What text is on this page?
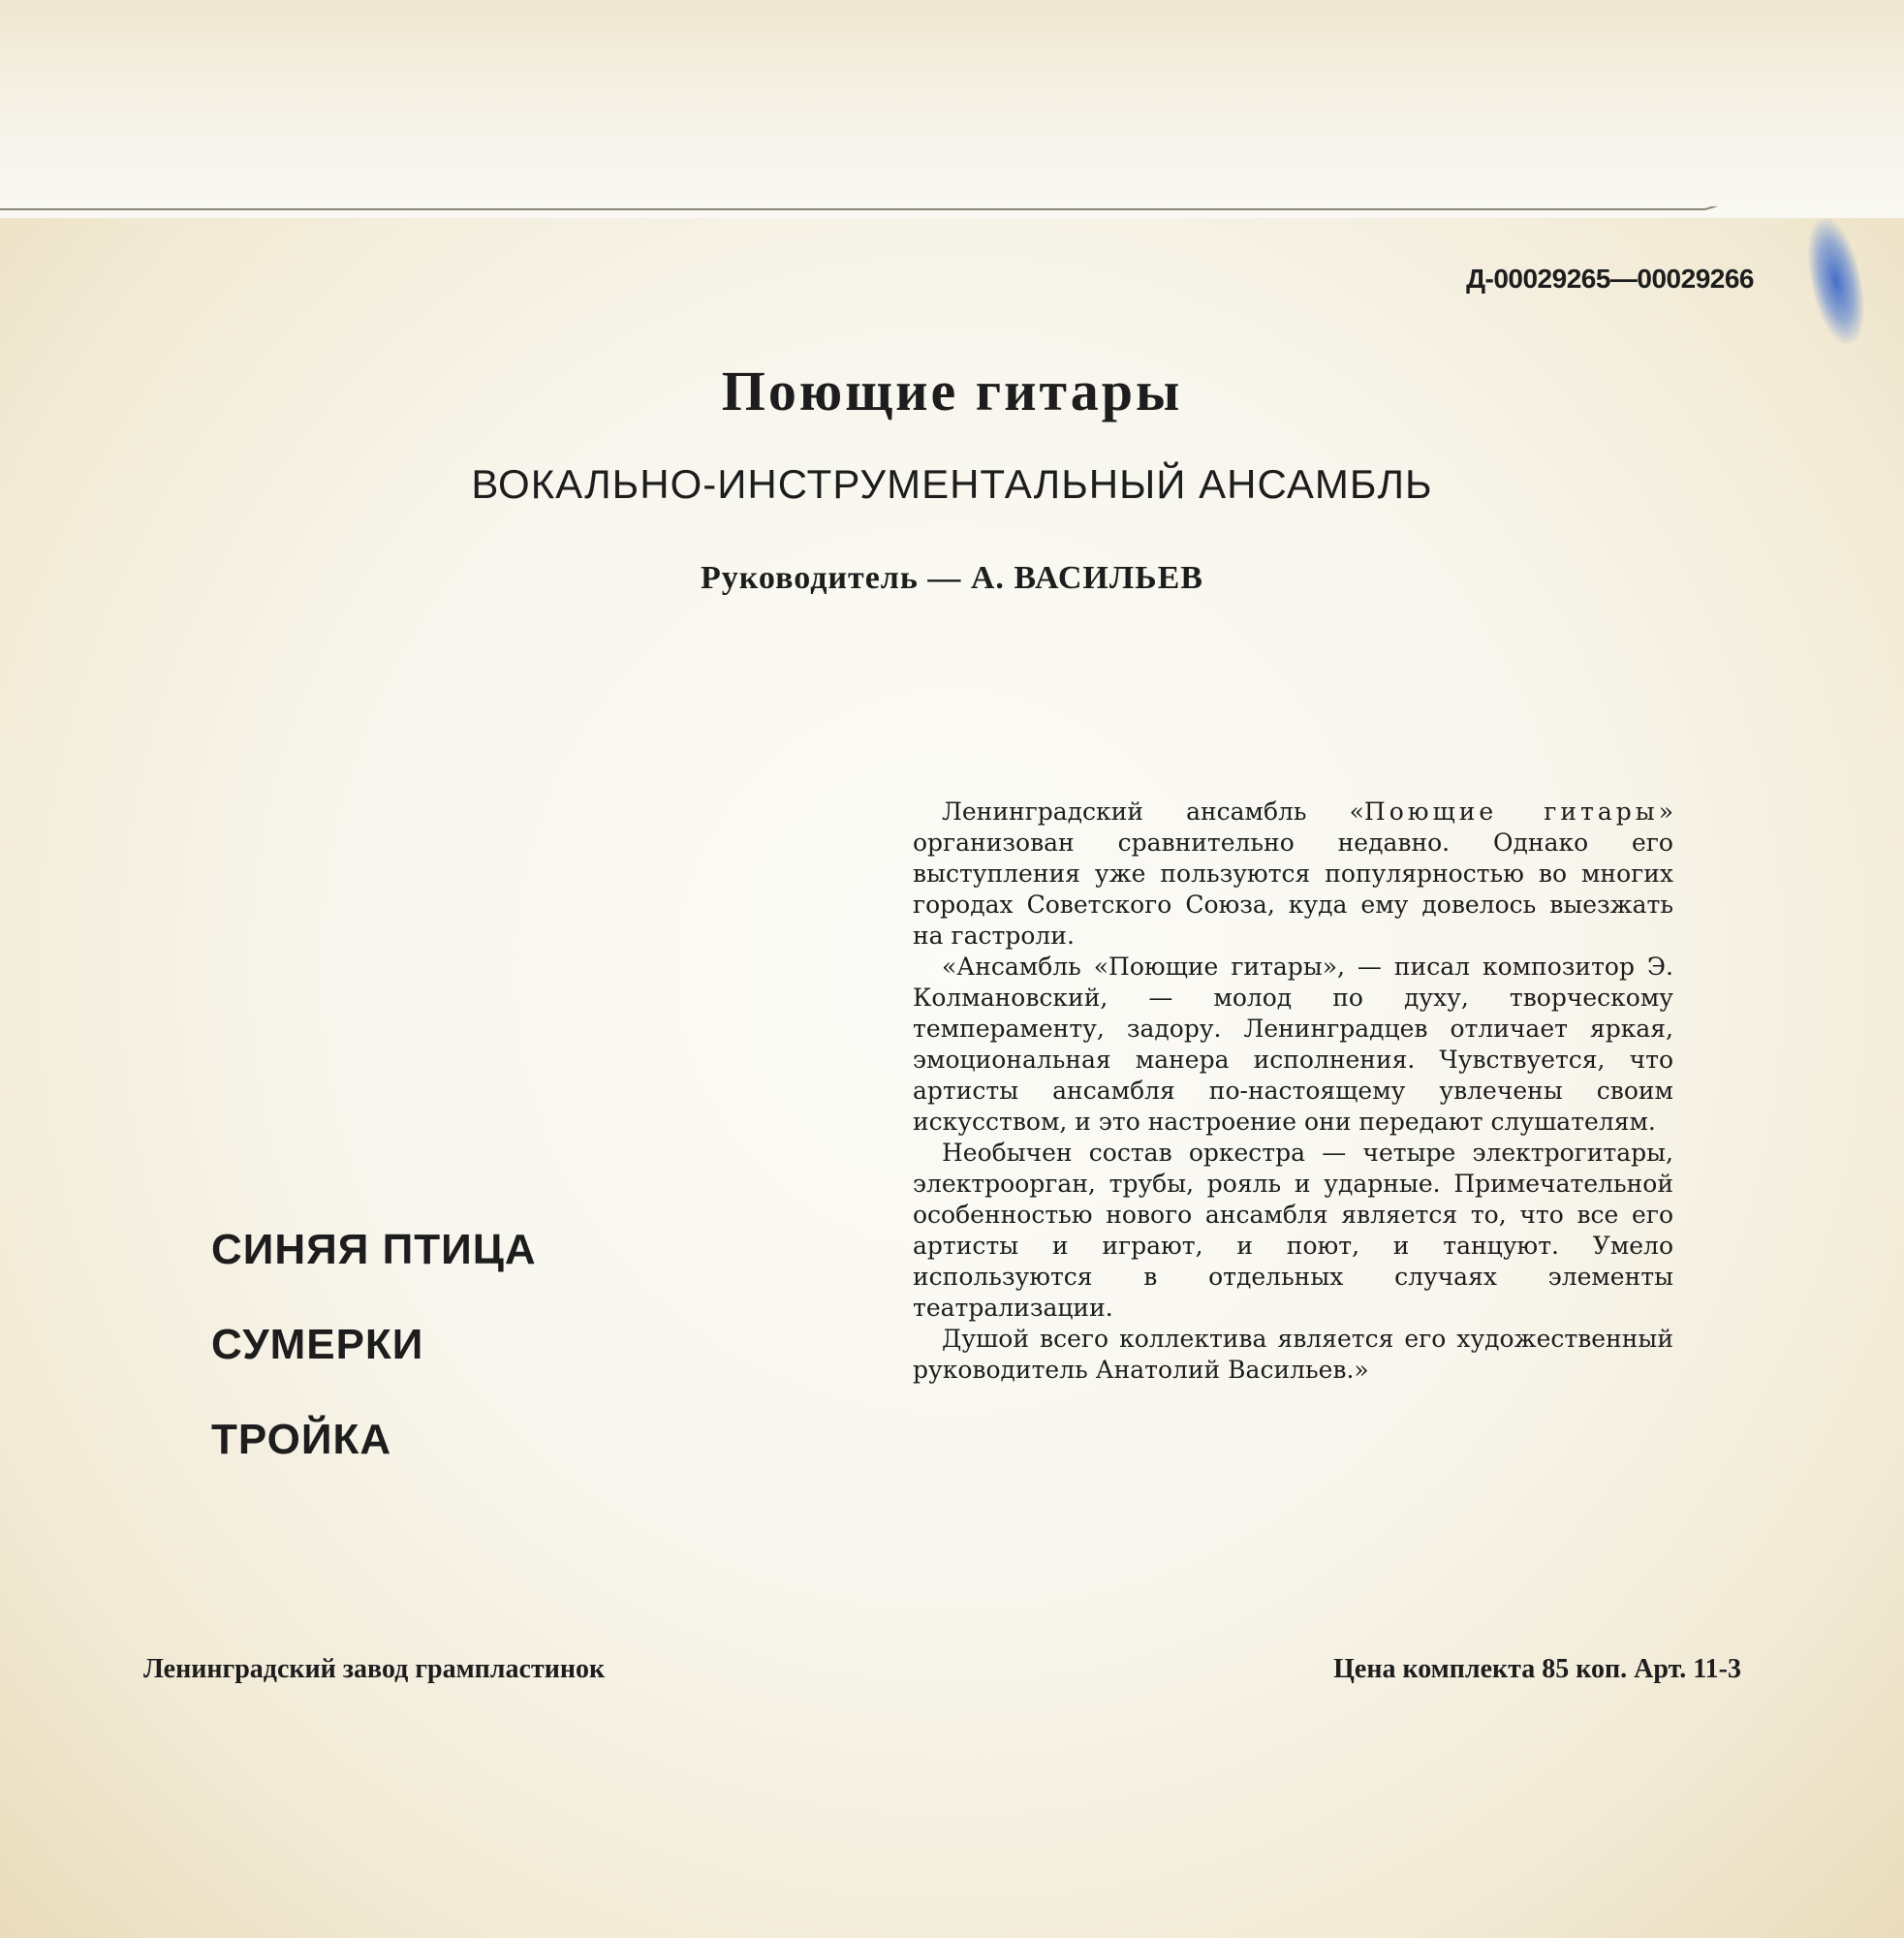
Д-00029265—00029266
Поющие гитары
ВОКАЛЬНО-ИНСТРУМЕНТАЛЬНЫЙ АНСАМБЛЬ
Руководитель — А. ВАСИЛЬЕВ
СИНЯЯ ПТИЦА
СУМЕРКИ
ТРОЙКА

Ленинградский ансамбль «Поющие гитары» организован сравнительно недавно. Однако его выступления уже пользуются популярностью во многих городах Советского Союза, куда ему довелось выезжать на гастроли.

«Ансамбль «Поющие гитары», — писал композитор Э. Колмановский, — молод по духу, творческому темпераменту, задору. Ленинградцев отличает яркая, эмоциональная манера исполнения. Чувствуется, что артисты ансамбля по-настоящему увлечены своим искусством, и это настроение они передают слушателям.

Необычен состав оркестра — четыре электрогитары, электроорган, трубы, рояль и ударные. Примечательной особенностью нового ансамбля является то, что все его артисты и играют, и поют, и танцуют. Умело используются в отдельных случаях элементы театрализации.

Душой всего коллектива является его художественный руководитель Анатолий Васильев.»

Ленинградский завод грампластинок	Цена комплекта 85 коп. Арт. 11-3
